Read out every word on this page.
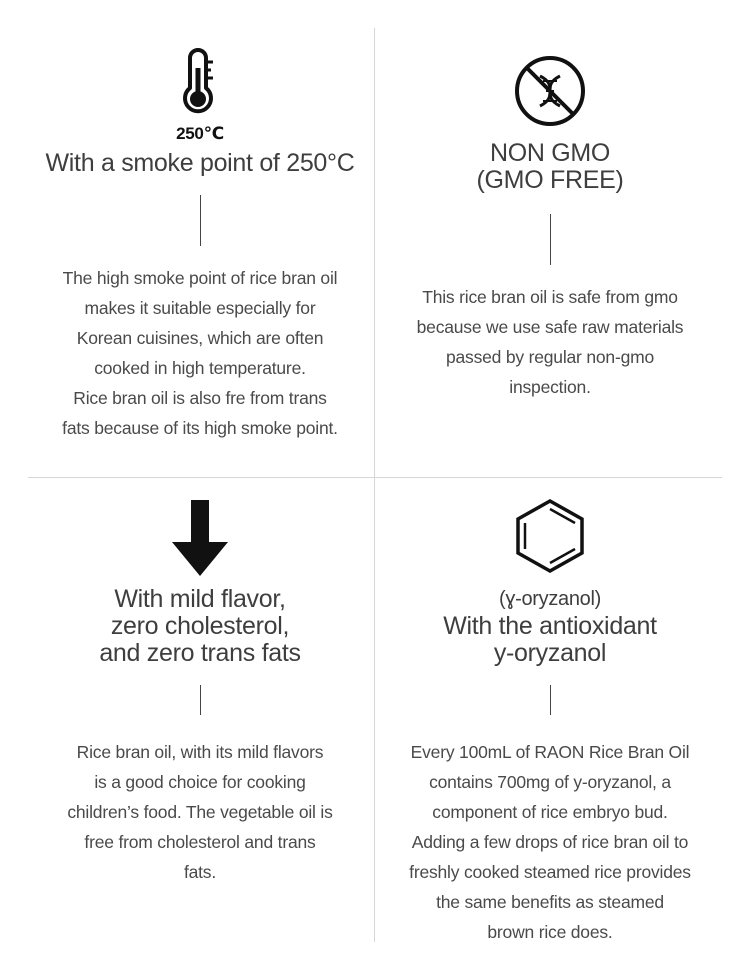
250℃
With a smoke point of 250°C
The high smoke point of rice bran oil
makes it suitable especially for
Korean cuisines, which are often
cooked in high temperature.
Rice bran oil is also fre from trans
fats because of its high smoke point.
NON GMO
(GMO FREE)
This rice bran oil is safe from gmo
because we use safe raw materials
passed by regular non-gmo
inspection.
With mild flavor,
zero cholesterol,
and zero trans fats
Rice bran oil, with its mild flavors
is a good choice for cooking
children’s food. The vegetable oil is
free from cholesterol and trans
fats.
(ɣ-oryzanol)
With the antioxidant
y-oryzanol
Every 100mL of RAON Rice Bran Oil
contains 700mg of y-oryzanol, a
component of rice embryo bud.
Adding a few drops of rice bran oil to
freshly cooked steamed rice provides
the same benefits as steamed
brown rice does.
